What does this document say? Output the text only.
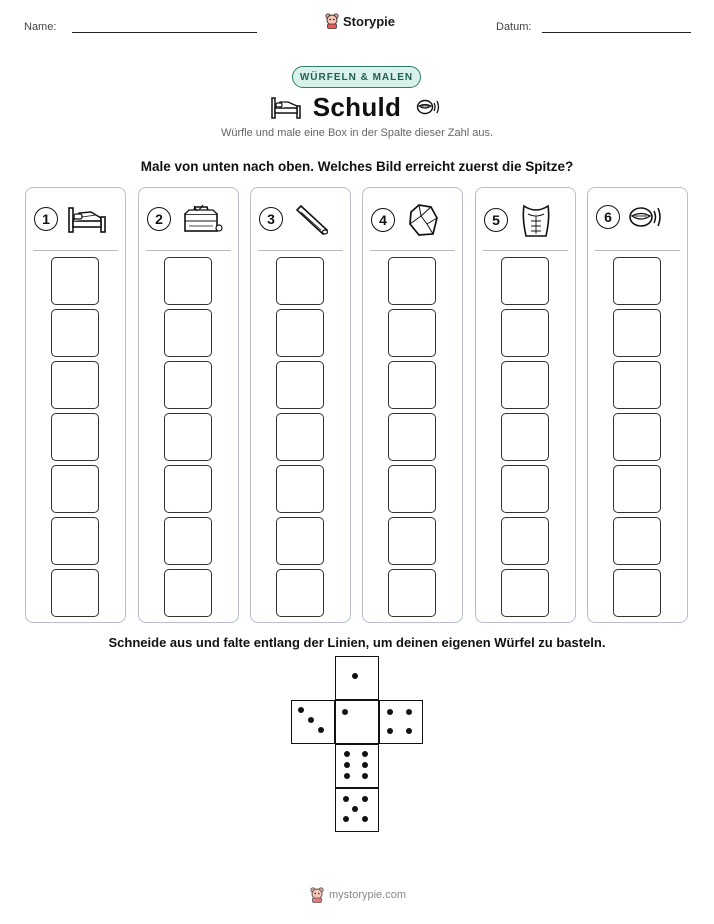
Name:	Storypie	Datum:
WÜRFELN & MALEN
Schuld
Würfle und male eine Box in der Spalte dieser Zahl aus.
Male von unten nach oben. Welches Bild erreicht zuerst die Spitze?
1	2	3	4	5	6
Schneide aus und falte entlang der Linien, um deinen eigenen Würfel zu basteln.
mystorypie.com
